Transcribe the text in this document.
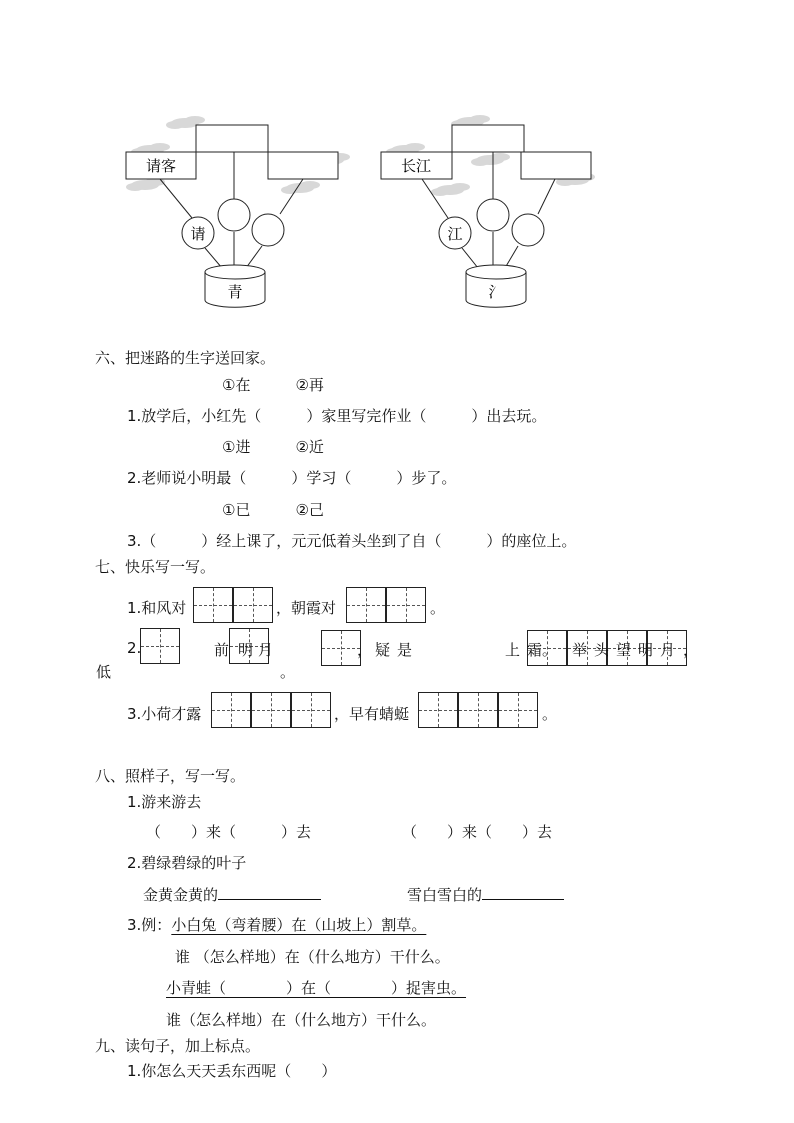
请客
请
青
长江
江
氵
六、把迷路的生字送回家。
①在　　　②再
1.放学后，小红先（　　　）家里写完作业（　　　）出去玩。
①进　　　②近
2.老师说小明最（　　　）学习（　　　）步了。
①已　　　②己
3.（　　　）经上课了，元元低着头坐到了自（　　　）的座位上。
七、快乐写一写。
1.和风对	，朝霞对	。
2.	前 明 月	， 疑 是	上 霜。 举 头 望 明 月 ，
低	。
3.小荷才露	，早有蜻蜓	。
八、照样子，写一写。
1.游来游去
（　　）来（　　　）去	（　　）来（　　）去
2.碧绿碧绿的叶子
金黄金黄的	雪白雪白的
3.例：小白兔（弯着腰）在（山坡上）割草。
谁 （怎么样地）在（什么地方）干什么。
小青蛙（　　　　）在（　　　　）捉害虫。
谁（怎么样地）在（什么地方）干什么。
九、读句子，加上标点。
1.你怎么天天丢东西呢（　　）
